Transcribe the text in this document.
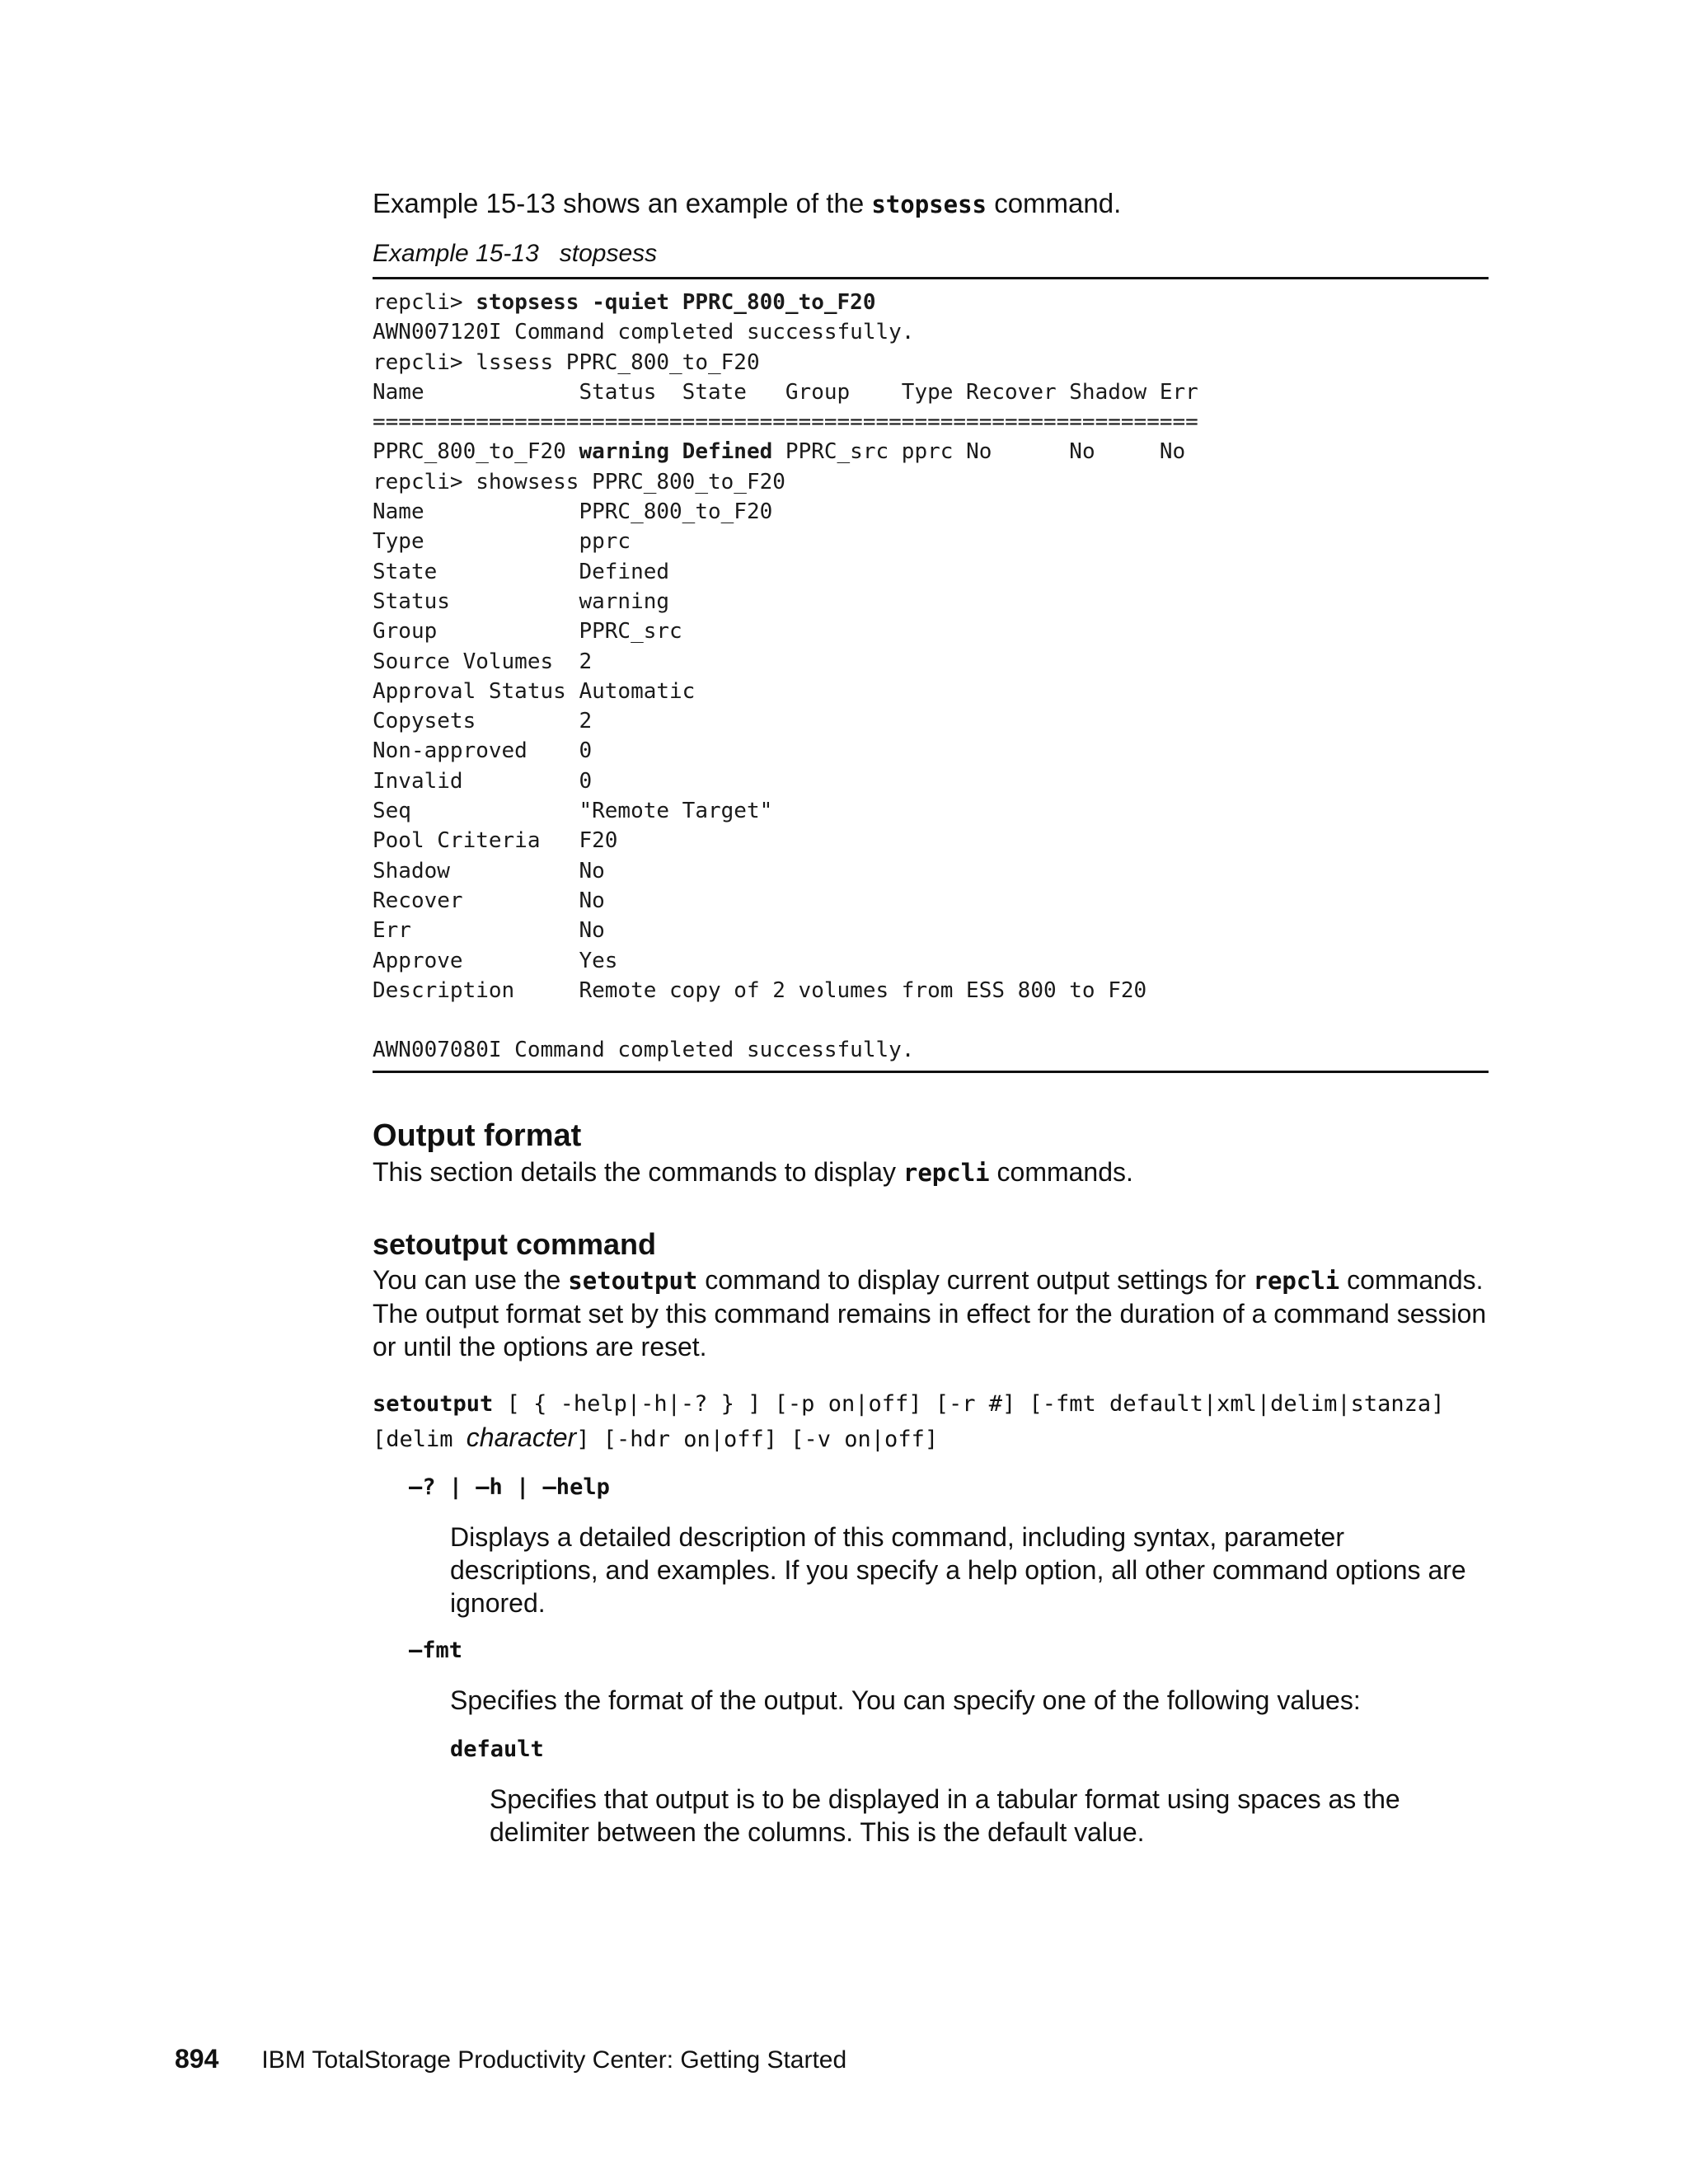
Example 15-13 shows an example of the stopsess command.

Example 15-13   stopsess
repcli> stopsess -quiet PPRC_800_to_F20
AWN007120I Command completed successfully.
repcli> lssess PPRC_800_to_F20
Name            Status  State   Group    Type Recover Shadow Err
================================================================
PPRC_800_to_F20 warning Defined PPRC_src pprc No      No     No
repcli> showsess PPRC_800_to_F20
Name            PPRC_800_to_F20
Type            pprc
State           Defined
Status          warning
Group           PPRC_src
Source Volumes  2
Approval Status Automatic
Copysets        2
Non-approved    0
Invalid         0
Seq             "Remote Target"
Pool Criteria   F20
Shadow          No
Recover         No
Err             No
Approve         Yes
Description     Remote copy of 2 volumes from ESS 800 to F20
AWN007080I Command completed successfully.
Output format

This section details the commands to display repcli commands.

setoutput command

You can use the setoutput command to display current output settings for repcli commands. The output format set by this command remains in effect for the duration of a command session or until the options are reset.

setoutput [ { -help|-h|-? } ] [-p on|off] [-r #] [-fmt default|xml|delim|stanza]
[delim character] [-hdr on|off] [-v on|off]
–? | –h | –help

Displays a detailed description of this command, including syntax, parameter descriptions, and examples. If you specify a help option, all other command options are ignored.

–fmt

Specifies the format of the output. You can specify one of the following values:

default

Specifies that output is to be displayed in a tabular format using spaces as the delimiter between the columns. This is the default value.

894 IBM TotalStorage Productivity Center: Getting Started
